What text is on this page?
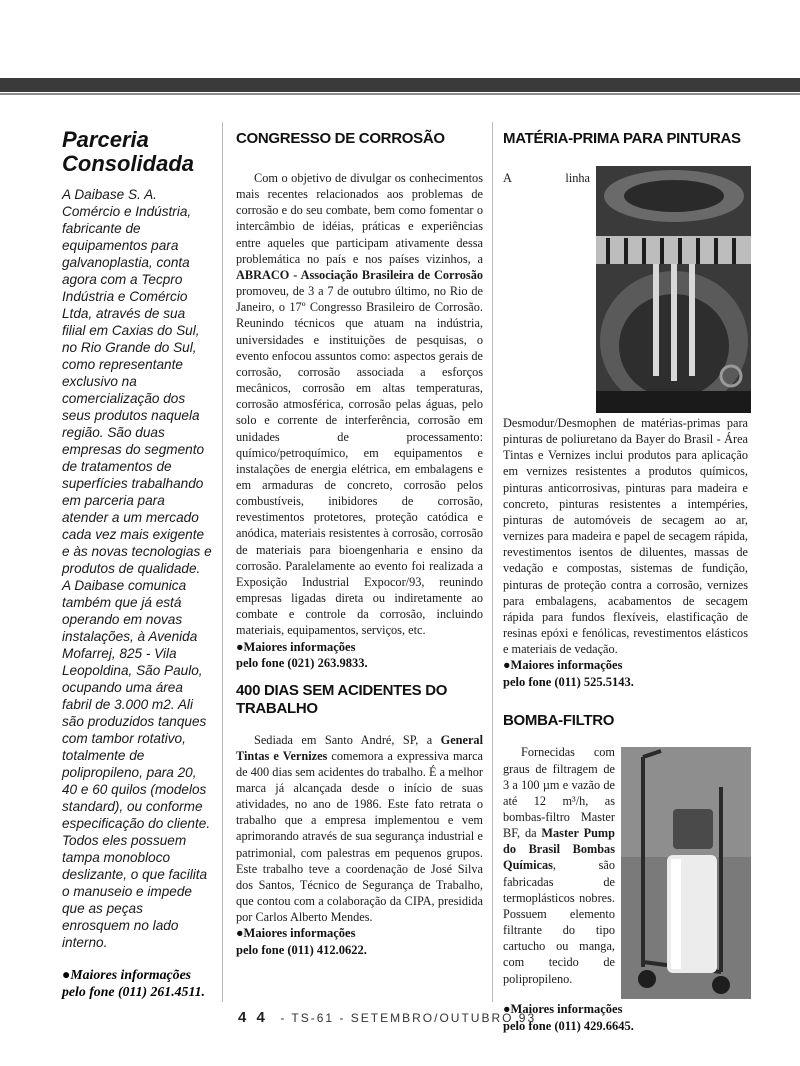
Parceria Consolidada

A Daibase S. A. Comércio e Indústria, fabricante de equipamentos para galvanoplastia, conta agora com a Tecpro Indústria e Comércio Ltda, através de sua filial em Caxias do Sul, no Rio Grande do Sul, como representante exclusivo na comercialização dos seus produtos naquela região. São duas empresas do segmento de tratamentos de superfícies trabalhando em parceria para atender a um mercado cada vez mais exigente e às novas tecnologias e produtos de qualidade.

A Daibase comunica também que já está operando em novas instalações, à Avenida Mofarrej, 825 - Vila Leopoldina, São Paulo, ocupando uma área fabril de 3.000 m2. Ali são produzidos tanques com tambor rotativo, totalmente de polipropileno, para 20, 40 e 60 quilos (modelos standard), ou conforme especificação do cliente. Todos eles possuem tampa monobloco deslizante, o que facilita o manuseio e impede que as peças enrosquem no lado interno.

●Maiores informações pelo fone (011) 261.4511.
CONGRESSO DE CORROSÃO

Com o objetivo de divulgar os conhecimentos mais recentes relacionados aos problemas de corrosão e do seu combate, bem como fomentar o intercâmbio de idéias, práticas e experiências entre aqueles que participam ativamente dessa problemática no país e nos países vizinhos, a ABRACO - Associação Brasileira de Corrosão promoveu, de 3 a 7 de outubro último, no Rio de Janeiro, o 17º Congresso Brasileiro de Corrosão. Reunindo técnicos que atuam na indústria, universidades e instituições de pesquisas, o evento enfocou assuntos como: aspectos gerais de corrosão, corrosão associada a esforços mecânicos, corrosão em altas temperaturas, corrosão atmosférica, corrosão pelas águas, pelo solo e corrente de interferência, corrosão em unidades de processamento: químico/petroquímico, em equipamentos e instalações de energia elétrica, em embalagens e em armaduras de concreto, corrosão pelos combustíveis, inibidores de corrosão, revestimentos protetores, proteção catódica e anódica, materiais resistentes à corrosão, corrosão de materiais para bioengenharia e ensino da corrosão. Paralelamente ao evento foi realizada a Exposição Industrial Expocor/93, reunindo empresas ligadas direta ou indiretamente ao combate e controle da corrosão, incluindo materiais, equipamentos, serviços, etc.

●Maiores informações
pelo fone (021) 263.9833.
400 DIAS SEM ACIDENTES DO TRABALHO

Sediada em Santo André, SP, a General Tintas e Vernizes comemora a expressiva marca de 400 dias sem acidentes do trabalho. É a melhor marca já alcançada desde o início de suas atividades, no ano de 1986. Este fato retrata o trabalho que a empresa implementou e vem aprimorando através de sua segurança industrial e patrimonial, com palestras em pequenos grupos. Este trabalho teve a coordenação de José Silva dos Santos, Técnico de Segurança de Trabalho, que contou com a colaboração da CIPA, presidida por Carlos Alberto Mendes.

●Maiores informações
pelo fone (011) 412.0622.
MATÉRIA-PRIMA PARA PINTURAS
A linha Desmodur/Desmophen de matérias-primas para pinturas de poliuretano da Bayer do Brasil - Área Tintas e Vernizes inclui produtos para aplicação em vernizes resistentes a produtos químicos, pinturas anticorrosivas, pinturas para madeira e concreto, pinturas resistentes a intempéries, pinturas de automóveis de secagem ao ar, vernizes para madeira e papel de secagem rápida, revestimentos isentos de diluentes, massas de vedação e compostas, sistemas de fundição, pinturas de proteção contra a corrosão, vernizes para embalagens, acabamentos de secagem rápida para fundos flexíveis, elastificação de resinas epóxi e fenólicas, revestimentos elásticos e materiais de vedação.
●Maiores informações
pelo fone (011) 525.5143.
BOMBA-FILTRO

Fornecidas com graus de filtragem de 3 a 100 µm e vazão de até 12 m³/h, as bombas-filtro Master BF, da Master Pump do Brasil Bombas Químicas, são fabricadas de termoplásticos nobres. Possuem elemento filtrante do tipo cartucho ou manga, com tecido de polipropileno.

●Maiores informações
pelo fone (011) 429.6645.
4 4 - TS-61 - SETEMBRO/OUTUBRO 93
